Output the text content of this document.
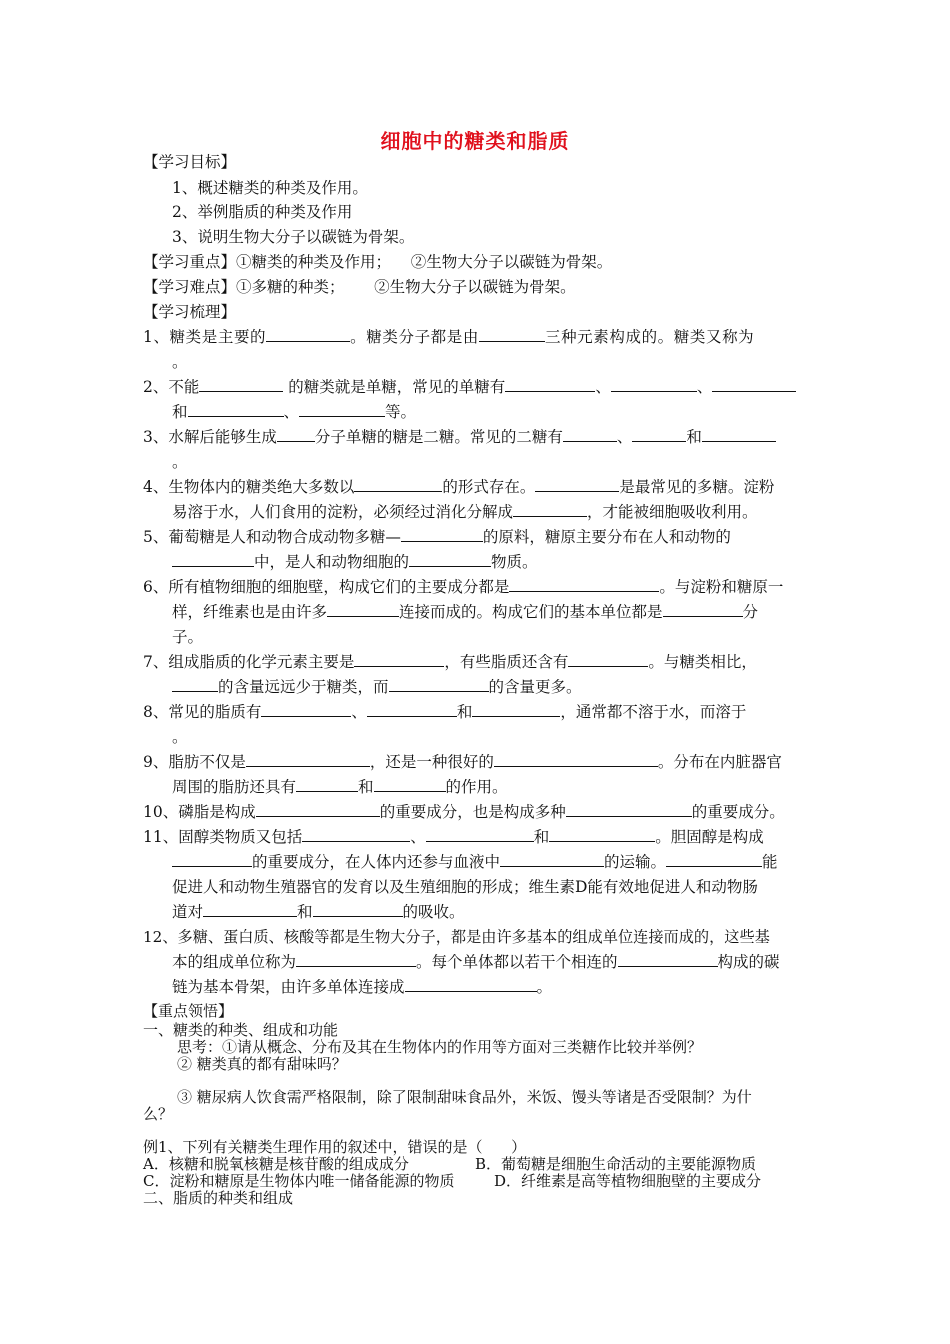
细胞中的糖类和脂质
【学习目标】
1、概述糖类的种类及作用。
2、举例脂质的种类及作用
3、说明生物大分子以碳链为骨架。
【学习重点】①糖类的种类及作用；    ②生物大分子以碳链为骨架。
【学习难点】①多糖的种类；      ②生物大分子以碳链为骨架。
【学习梳理】
1、糖类是主要的	。糖类分子都是由	三种元素构成的。糖类又称为
。
2、不能	的糖类就是单糖，常见的单糖有	、	、
和	、	等。
3、水解后能够生成 分子单糖的糖是二糖。常见的二糖有	、	和
。
4、生物体内的糖类绝大多数以	的形式存在。	是最常见的多糖。淀粉
易溶于水，人们食用的淀粉，必须经过消化分解成	，才能被细胞吸收利用。
5、葡萄糖是人和动物合成动物多糖—	的原料，糖原主要分布在人和动物的
中，是人和动物细胞的	物质。
6、所有植物细胞的细胞壁，构成它们的主要成分都是	。与淀粉和糖原一
样，纤维素也是由许多	连接而成的。构成它们的基本单位都是	分
子。
7、组成脂质的化学元素主要是	，有些脂质还含有	。与糖类相比，
的含量远远少于糖类，而	的含量更多。
8、常见的脂质有	、	和	，通常都不溶于水，而溶于
。
9、脂肪不仅是	，还是一种很好的	。分布在内脏器官
周围的脂肪还具有	和	的作用。
10、磷脂是构成	的重要成分，也是构成多种	的重要成分。
11、固醇类物质又包括	、	和	。胆固醇是构成
的重要成分，在人体内还参与血液中	的运输。	能
促进人和动物生殖器官的发育以及生殖细胞的形成；维生素D能有效地促进人和动物肠
道对	和	的吸收。
12、多糖、蛋白质、核酸等都是生物大分子，都是由许多基本的组成单位连接而成的，这些基
本的组成单位称为	。每个单体都以若干个相连的	构成的碳
链为基本骨架，由许多单体连接成	。
【重点领悟】
一、糖类的种类、组成和功能
思考：①请从概念、分布及其在生物体内的作用等方面对三类糖作比较并举例？
② 糖类真的都有甜味吗？
③ 糖尿病人饮食需严格限制，除了限制甜味食品外，米饭、馒头等诸是否受限制？为什
么？
例1、下列有关糖类生理作用的叙述中，错误的是（      ）
A．核糖和脱氧核糖是核苷酸的组成成分	B．葡萄糖是细胞生命活动的主要能源物质
C．淀粉和糖原是生物体内唯一储备能源的物质	D．纤维素是高等植物细胞壁的主要成分
二、脂质的种类和组成
